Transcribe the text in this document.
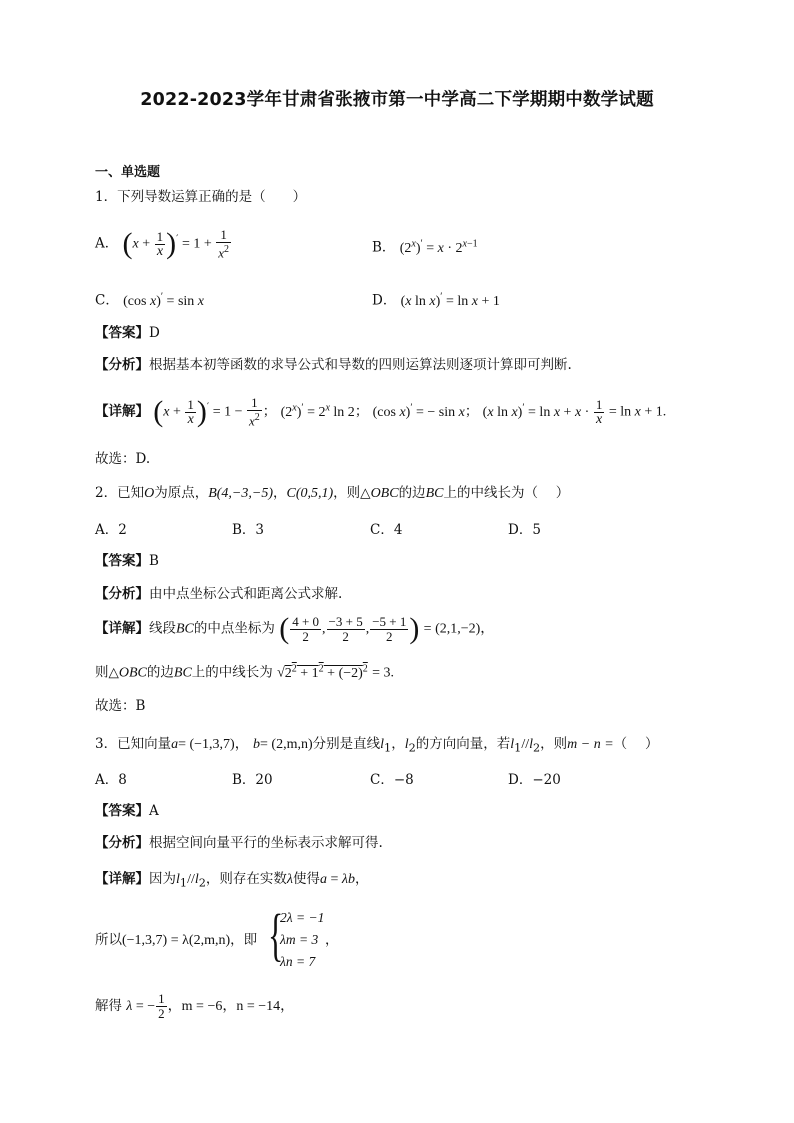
2022-2023学年甘肃省张掖市第一中学高二下学期期中数学试题
一、单选题
1．下列导数运算正确的是（　　）
A． $(x + \frac{1}{x} )' = 1 + \frac{1}{x^2}$	B． $(2^x)' = x \cdot 2^{x-1}$
C． (cos x)′ = sin x	D． (x ln x)′ = ln x + 1
【答案】D
【分析】根据基本初等函数的求导公式和导数的四则运算法则逐项计算即可判断.
【详解】 $(x + \frac{1}{x} )' = 1 - \frac{1}{x^2}$ ； $(2^x)' = 2^x$ ln 2； (cos x)′ = − sin x； (x $\ln x)' = \ln x + x \cdot \frac{1}{x} = \ln x + 1$.
故选：D.
2．已知O为原点，B(4,−3,−5)，C(0,5,1)，则△OBC的边BC上的中线长为（　 ）
A．2	B．3	C．4	D．5
【答案】B
【分析】由中点坐标公式和距离公式求解.
【详解】线段BC的中点坐标为 ( $\frac{4 + 0}{2}$ , $\frac{-3 + 5}{2}$ , $\frac{-5 + 1}{2}$ ) = (2,1,−2)，
则△OBC的边BC上的中线长为 $√2^2 + 1^2 + (-2)^2 = 3$.
故选：B
3．已知向量a= (−1,3,7)， b= (2,m,n)分别是直线$l_1$，$l_2$的方向向量，若$l_1//l_2$，则m − n =（　 ）
A．8	B．20	C．−8	D．−20
【答案】A
【分析】根据空间向量平行的坐标表示求解可得.
【详解】因为$l_1//l_2$，则存在实数λ使得a = λb，
所以(−1,3,7) = λ(2,m,n)，即 {
2λ = −1
λm = 3
λn = 7
，
解得 λ = − $\frac{1}{2}$ ，m = −6，n = −14，
